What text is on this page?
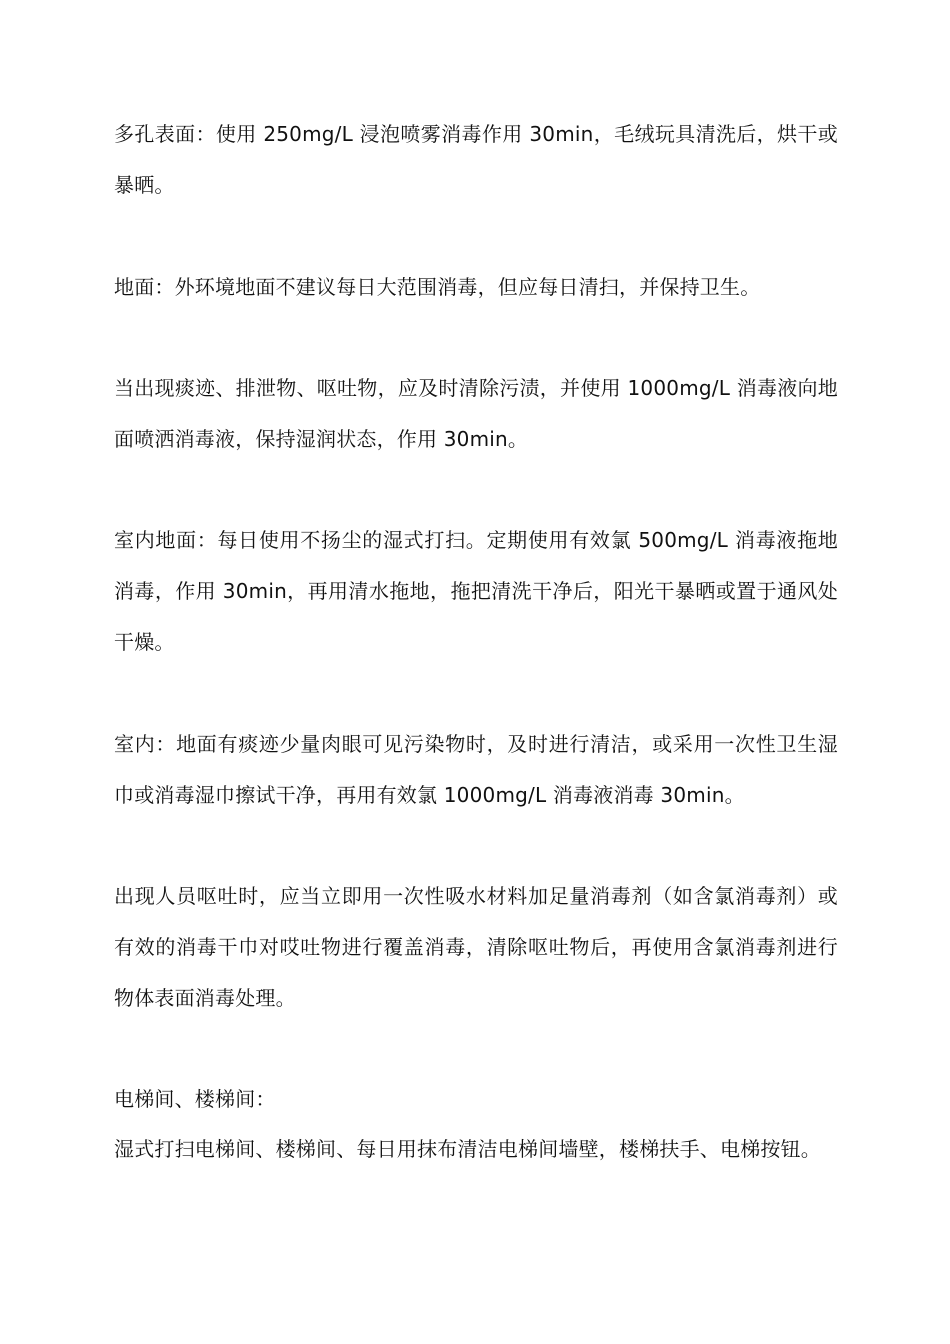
多孔表面：使用 250mg/L 浸泡喷雾消毒作用 30min，毛绒玩具清洗后，烘干或暴晒。

地面：外环境地面不建议每日大范围消毒，但应每日清扫，并保持卫生。

当出现痰迹、排泄物、呕吐物，应及时清除污渍，并使用 1000mg/L 消毒液向地面喷洒消毒液，保持湿润状态，作用 30min。

室内地面：每日使用不扬尘的湿式打扫。定期使用有效氯 500mg/L 消毒液拖地消毒，作用 30min，再用清水拖地，拖把清洗干净后，阳光干暴晒或置于通风处干燥。

室内：地面有痰迹少量肉眼可见污染物时，及时进行清洁，或采用一次性卫生湿巾或消毒湿巾擦试干净，再用有效氯 1000mg/L 消毒液消毒 30min。

出现人员呕吐时，应当立即用一次性吸水材料加足量消毒剂（如含氯消毒剂）或有效的消毒干巾对哎吐物进行覆盖消毒，清除呕吐物后，再使用含氯消毒剂进行物体表面消毒处理。

电梯间、楼梯间：

湿式打扫电梯间、楼梯间、每日用抹布清洁电梯间墙壁，楼梯扶手、电梯按钮。
